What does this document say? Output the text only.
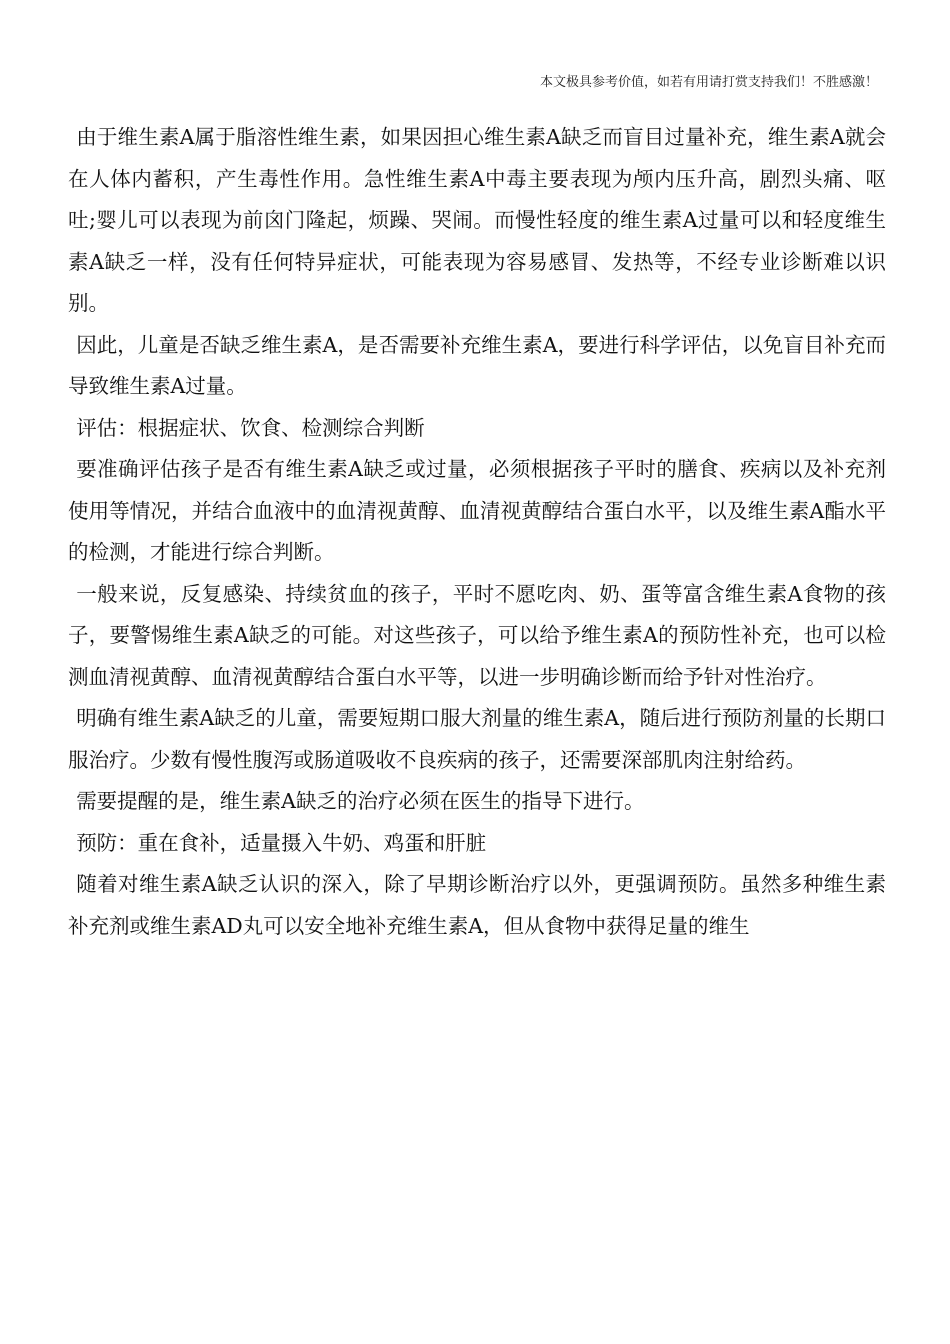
本文极具参考价值，如若有用请打赏支持我们！不胜感激！

由于维生素A属于脂溶性维生素，如果因担心维生素A缺乏而盲目过量补充，维生素A就会在人体内蓄积，产生毒性作用。急性维生素A中毒主要表现为颅内压升高，剧烈头痛、呕吐;婴儿可以表现为前囟门隆起，烦躁、哭闹。而慢性轻度的维生素A过量可以和轻度维生素A缺乏一样，没有任何特异症状，可能表现为容易感冒、发热等，不经专业诊断难以识别。

因此，儿童是否缺乏维生素A，是否需要补充维生素A，要进行科学评估，以免盲目补充而导致维生素A过量。

评估：根据症状、饮食、检测综合判断

要准确评估孩子是否有维生素A缺乏或过量，必须根据孩子平时的膳食、疾病以及补充剂使用等情况，并结合血液中的血清视黄醇、血清视黄醇结合蛋白水平，以及维生素A酯水平的检测，才能进行综合判断。

一般来说，反复感染、持续贫血的孩子，平时不愿吃肉、奶、蛋等富含维生素A食物的孩子，要警惕维生素A缺乏的可能。对这些孩子，可以给予维生素A的预防性补充，也可以检测血清视黄醇、血清视黄醇结合蛋白水平等，以进一步明确诊断而给予针对性治疗。

明确有维生素A缺乏的儿童，需要短期口服大剂量的维生素A，随后进行预防剂量的长期口服治疗。少数有慢性腹泻或肠道吸收不良疾病的孩子，还需要深部肌肉注射给药。

需要提醒的是，维生素A缺乏的治疗必须在医生的指导下进行。

预防：重在食补，适量摄入牛奶、鸡蛋和肝脏

随着对维生素A缺乏认识的深入，除了早期诊断治疗以外，更强调预防。虽然多种维生素补充剂或维生素AD丸可以安全地补充维生素A，但从食物中获得足量的维生
